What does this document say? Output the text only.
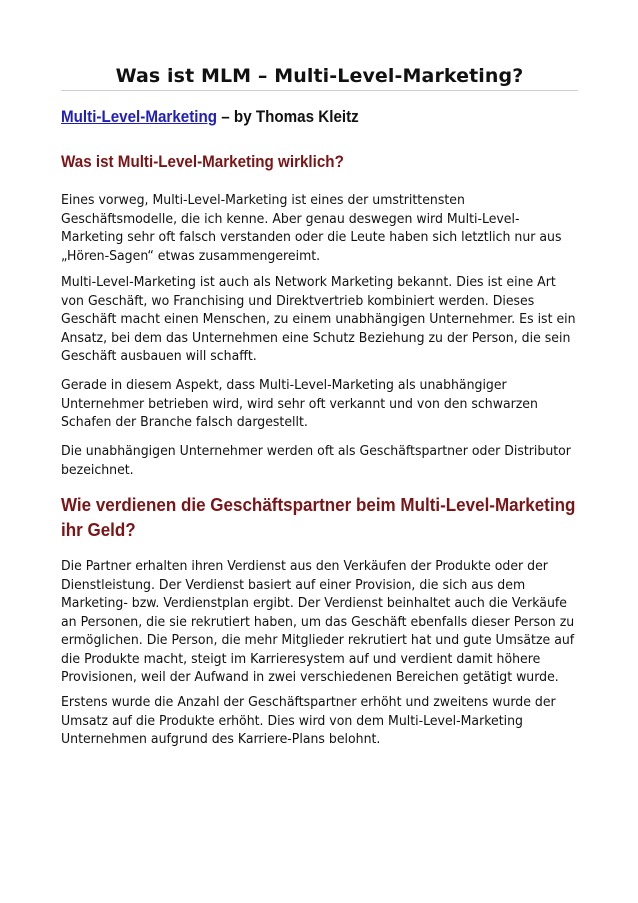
Was ist MLM – Multi-Level-Marketing?
Multi-Level-Marketing – by Thomas Kleitz
Was ist Multi-Level-Marketing wirklich?

Eines vorweg, Multi-Level-Marketing ist eines der umstrittensten Geschäftsmodelle, die ich kenne. Aber genau deswegen wird Multi-Level-Marketing sehr oft falsch verstanden oder die Leute haben sich letztlich nur aus „Hören-Sagen“ etwas zusammengereimt.

Multi-Level-Marketing ist auch als Network Marketing bekannt. Dies ist eine Art von Geschäft, wo Franchising und Direktvertrieb kombiniert werden. Dieses Geschäft macht einen Menschen, zu einem unabhängigen Unternehmer. Es ist ein Ansatz, bei dem das Unternehmen eine Schutz Beziehung zu der Person, die sein Geschäft ausbauen will schafft.

Gerade in diesem Aspekt, dass Multi-Level-Marketing als unabhängiger Unternehmer betrieben wird, wird sehr oft verkannt und von den schwarzen Schafen der Branche falsch dargestellt.

Die unabhängigen Unternehmer werden oft als Geschäftspartner oder Distributor bezeichnet.

Wie verdienen die Geschäftspartner beim Multi-Level-Marketing ihr Geld?

Die Partner erhalten ihren Verdienst aus den Verkäufen der Produkte oder der Dienstleistung. Der Verdienst basiert auf einer Provision, die sich aus dem Marketing- bzw. Verdienstplan ergibt. Der Verdienst beinhaltet auch die Verkäufe an Personen, die sie rekrutiert haben, um das Geschäft ebenfalls dieser Person zu ermöglichen. Die Person, die mehr Mitglieder rekrutiert hat und gute Umsätze auf die Produkte macht, steigt im Karrieresystem auf und verdient damit höhere Provisionen, weil der Aufwand in zwei verschiedenen Bereichen getätigt wurde.

Erstens wurde die Anzahl der Geschäftspartner erhöht und zweitens wurde der Umsatz auf die Produkte erhöht. Dies wird von dem Multi-Level-Marketing Unternehmen aufgrund des Karriere-Plans belohnt.
